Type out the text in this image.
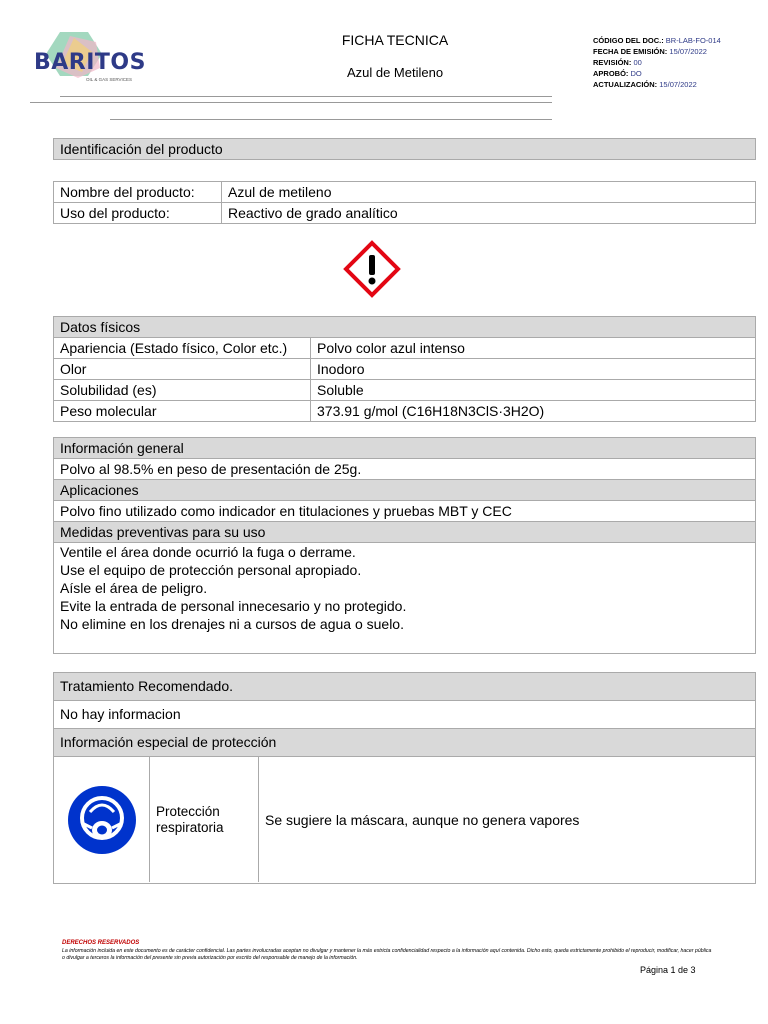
BARITOS
OIL & GAS SERVICES
FICHA TECNICA
Azul de Metileno
CÓDIGO DEL DOC.: BR-LAB-FO-014
FECHA DE EMISIÓN: 15/07/2022
REVISIÓN: 00
APROBÓ: DO
ACTUALIZACIÓN: 15/07/2022
Identificación del producto
Nombre del producto:	Azul de metileno
Uso del producto:	Reactivo de grado analítico
Datos físicos	
Apariencia (Estado físico, Color etc.)	Polvo color azul intenso
Olor	Inodoro
Solubilidad (es)	Soluble
Peso molecular	373.91 g/mol (C16H18N3ClS·3H2O)
Información general
Polvo al 98.5% en peso de presentación de 25g.
Aplicaciones
Polvo fino utilizado como indicador en titulaciones y pruebas MBT y CEC
Medidas preventivas para su uso
Ventile el área donde ocurrió la fuga o derrame.
Use el equipo de protección personal apropiado.
Aísle el área de peligro.
Evite la entrada de personal innecesario y no protegido.
No elimine en los drenajes ni a cursos de agua o suelo.
Tratamiento Recomendado.
No hay informacion
Información especial de protección
Protección respiratoria	Se sugiere la máscara, aunque no genera vapores
DERECHOS RESERVADOS
La información incluida en este documento es de carácter confidencial. Las partes involucradas aceptan no divulgar y mantener la más estricta confidencialidad respecto a la información aquí contenida. Dicho esto, queda estrictamente prohibido el reproducir, modificar, hacer pública o divulgar a terceros la información del presente sin previa autorización por escrito del responsable de manejo de la información.
Página 1 de 3
